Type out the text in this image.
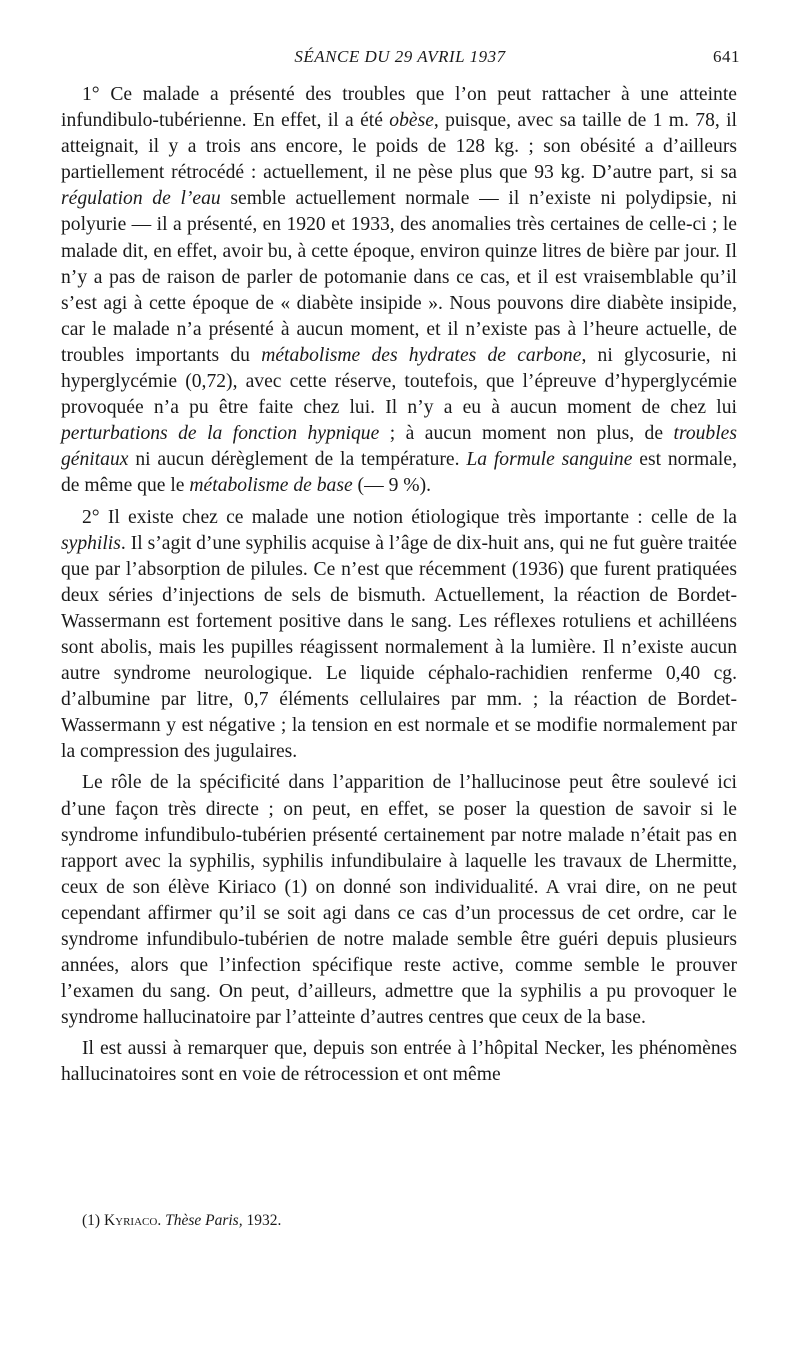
SÉANCE DU 29 AVRIL 1937	641

1° Ce malade a présenté des troubles que l’on peut rattacher à une atteinte infundibulo-tubérienne. En effet, il a été obèse, puisque, avec sa taille de 1 m. 78, il atteignait, il y a trois ans encore, le poids de 128 kg. ; son obésité a d’ailleurs partiellement rétrocédé : actuellement, il ne pèse plus que 93 kg. D’autre part, si sa régulation de l’eau semble actuellement normale — il n’existe ni polydipsie, ni polyurie — il a présenté, en 1920 et 1933, des anomalies très certaines de celle-ci ; le malade dit, en effet, avoir bu, à cette époque, environ quinze litres de bière par jour. Il n’y a pas de raison de parler de potomanie dans ce cas, et il est vraisemblable qu’il s’est agi à cette époque de « diabète insipide ». Nous pouvons dire diabète insipide, car le malade n’a présenté à aucun moment, et il n’existe pas à l’heure actuelle, de troubles importants du métabolisme des hydrates de carbone, ni glycosurie, ni hyperglycémie (0,72), avec cette réserve, toutefois, que l’épreuve d’hyperglycémie provoquée n’a pu être faite chez lui. Il n’y a eu à aucun moment de chez lui perturbations de la fonction hypnique ; à aucun moment non plus, de troubles génitaux ni aucun dérèglement de la température. La formule sanguine est normale, de même que le métabolisme de base (— 9 %).

2° Il existe chez ce malade une notion étiologique très importante : celle de la syphilis. Il s’agit d’une syphilis acquise à l’âge de dix-huit ans, qui ne fut guère traitée que par l’absorption de pilules. Ce n’est que récemment (1936) que furent pratiquées deux séries d’injections de sels de bismuth. Actuellement, la réaction de Bordet-Wassermann est fortement positive dans le sang. Les réflexes rotuliens et achilléens sont abolis, mais les pupilles réagissent normalement à la lumière. Il n’existe aucun autre syndrome neurologique. Le liquide céphalo-rachidien renferme 0,40 cg. d’albumine par litre, 0,7 éléments cellulaires par mm. ; la réaction de Bordet-Wassermann y est négative ; la tension en est normale et se modifie normalement par la compression des jugulaires.

Le rôle de la spécificité dans l’apparition de l’hallucinose peut être soulevé ici d’une façon très directe ; on peut, en effet, se poser la question de savoir si le syndrome infundibulo-tubérien présenté certainement par notre malade n’était pas en rapport avec la syphilis, syphilis infundibulaire à laquelle les travaux de Lhermitte, ceux de son élève Kiriaco (1) on donné son individualité. A vrai dire, on ne peut cependant affirmer qu’il se soit agi dans ce cas d’un processus de cet ordre, car le syndrome infundibulo-tubérien de notre malade semble être guéri depuis plusieurs années, alors que l’infection spécifique reste active, comme semble le prouver l’examen du sang. On peut, d’ailleurs, admettre que la syphilis a pu provoquer le syndrome hallucinatoire par l’atteinte d’autres centres que ceux de la base.

Il est aussi à remarquer que, depuis son entrée à l’hôpital Necker, les phénomènes hallucinatoires sont en voie de rétrocession et ont même

(1) Kyriaco. Thèse Paris, 1932.
